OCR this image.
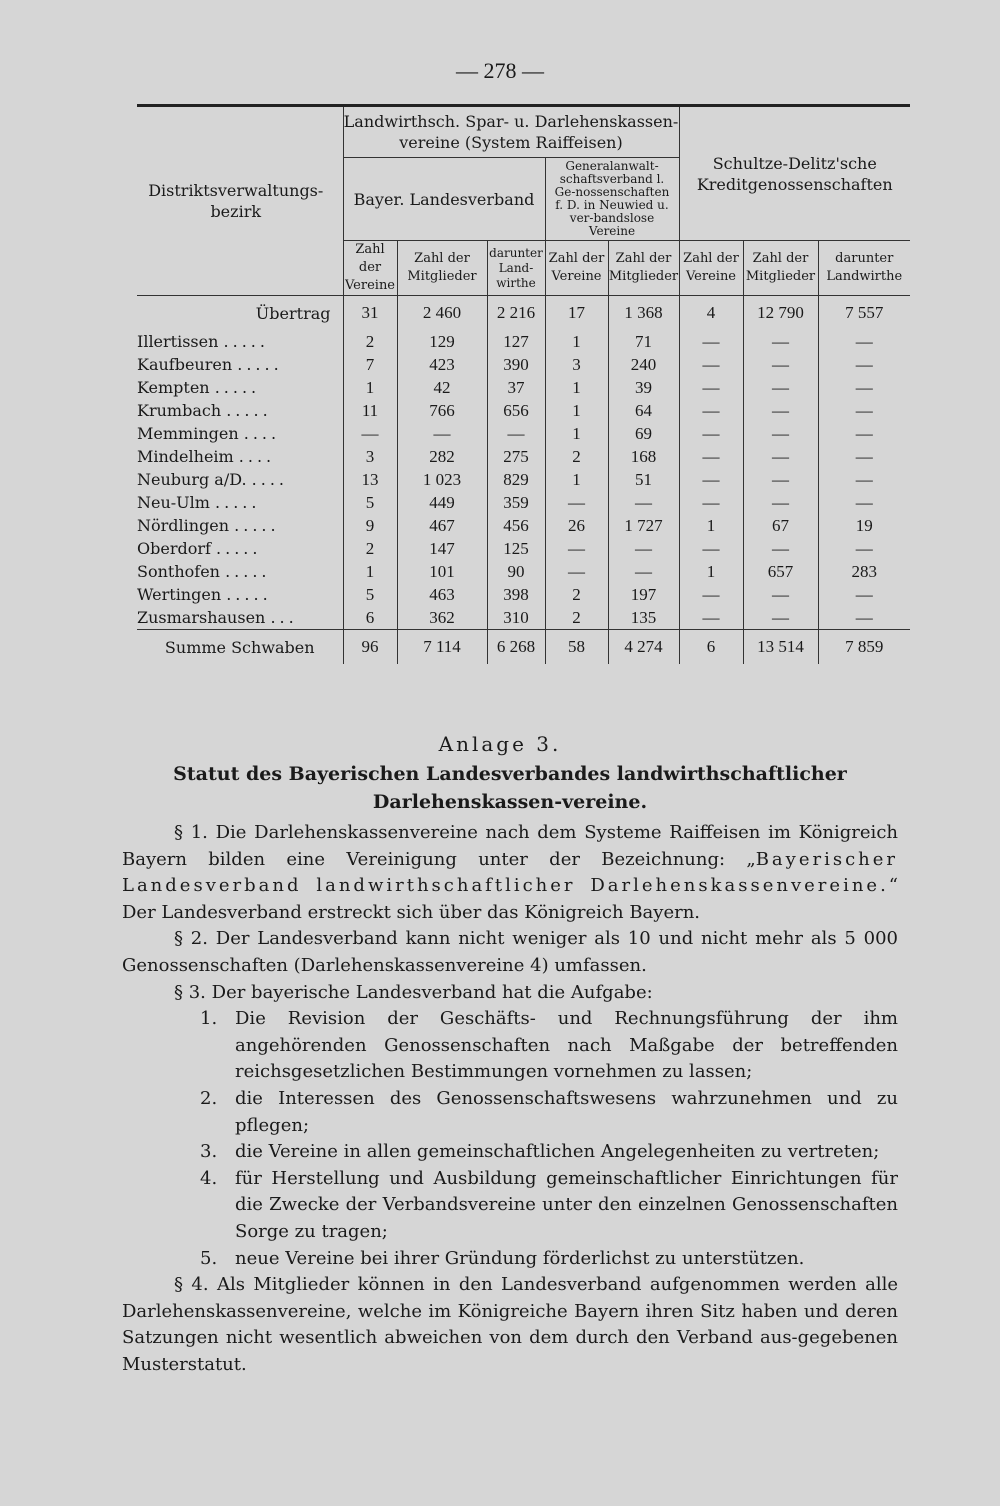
— 278 —
Distriktsverwaltungs-bezirk	Landwirthsch. Spar- u. Darlehenskassen-vereine (System Raiffeisen)					Schultze-Delitz'sche Kreditgenossenschaften		
	Bayer. Landesverband			Generalanwalt-schaftsverband l. Ge-nossenschaften f. D. in Neuwied u. ver-bandslose Vereine				
	Zahl der Vereine	Zahl der Mitglieder	darunter Land-wirthe	Zahl der Vereine	Zahl der Mitglieder	Zahl der Vereine	Zahl der Mitglieder	darunter Landwirthe
Übertrag	31	2 460	2 216	17	1 368	4	12 790	7 557
Illertissen .....	2	129	127	1	71	—	—	—
Kaufbeuren .....	7	423	390	3	240	—	—	—
Kempten .....	1	42	37	1	39	—	—	—
Krumbach .....	11	766	656	1	64	—	—	—
Memmingen ....	—	—	—	1	69	—	—	—
Mindelheim ....	3	282	275	2	168	—	—	—
Neuburg a/D. ....	13	1 023	829	1	51	—	—	—
Neu-Ulm .....	5	449	359	—	—	—	—	—
Nördlingen .....	9	467	456	26	1 727	1	67	19
Oberdorf .....	2	147	125	—	—	—	—	—
Sonthofen .....	1	101	90	—	—	1	657	283
Wertingen .....	5	463	398	2	197	—	—	—
Zusmarshausen ...	6	362	310	2	135	—	—	—
Summe Schwaben	96	7 114	6 268	58	4 274	6	13 514	7 859
Anlage 3.
Statut des Bayerischen Landesverbandes landwirthschaftlicher Darlehenskassen-vereine.

§ 1. Die Darlehenskassenvereine nach dem Systeme Raiffeisen im Königreich Bayern bilden eine Vereinigung unter der Bezeichnung: „Bayerischer Landesverband landwirthschaftlicher Darlehenskassenvereine.“ Der Landesverband erstreckt sich über das Königreich Bayern.

§ 2. Der Landesverband kann nicht weniger als 10 und nicht mehr als 5 000 Genossenschaften (Darlehenskassenvereine 4) umfassen.

§ 3. Der bayerische Landesverband hat die Aufgabe:

1. Die Revision der Geschäfts- und Rechnungsführung der ihm angehörenden Genossenschaften nach Maßgabe der betreffenden reichsgesetzlichen Bestimmungen vornehmen zu lassen;
2. die Interessen des Genossenschaftswesens wahrzunehmen und zu pflegen;
3. die Vereine in allen gemeinschaftlichen Angelegenheiten zu vertreten;
4. für Herstellung und Ausbildung gemeinschaftlicher Einrichtungen für die Zwecke der Verbandsvereine unter den einzelnen Genossenschaften Sorge zu tragen;
5. neue Vereine bei ihrer Gründung förderlichst zu unterstützen.

§ 4. Als Mitglieder können in den Landesverband aufgenommen werden alle Darlehenskassenvereine, welche im Königreiche Bayern ihren Sitz haben und deren Satzungen nicht wesentlich abweichen von dem durch den Verband aus-gegebenen Musterstatut.
